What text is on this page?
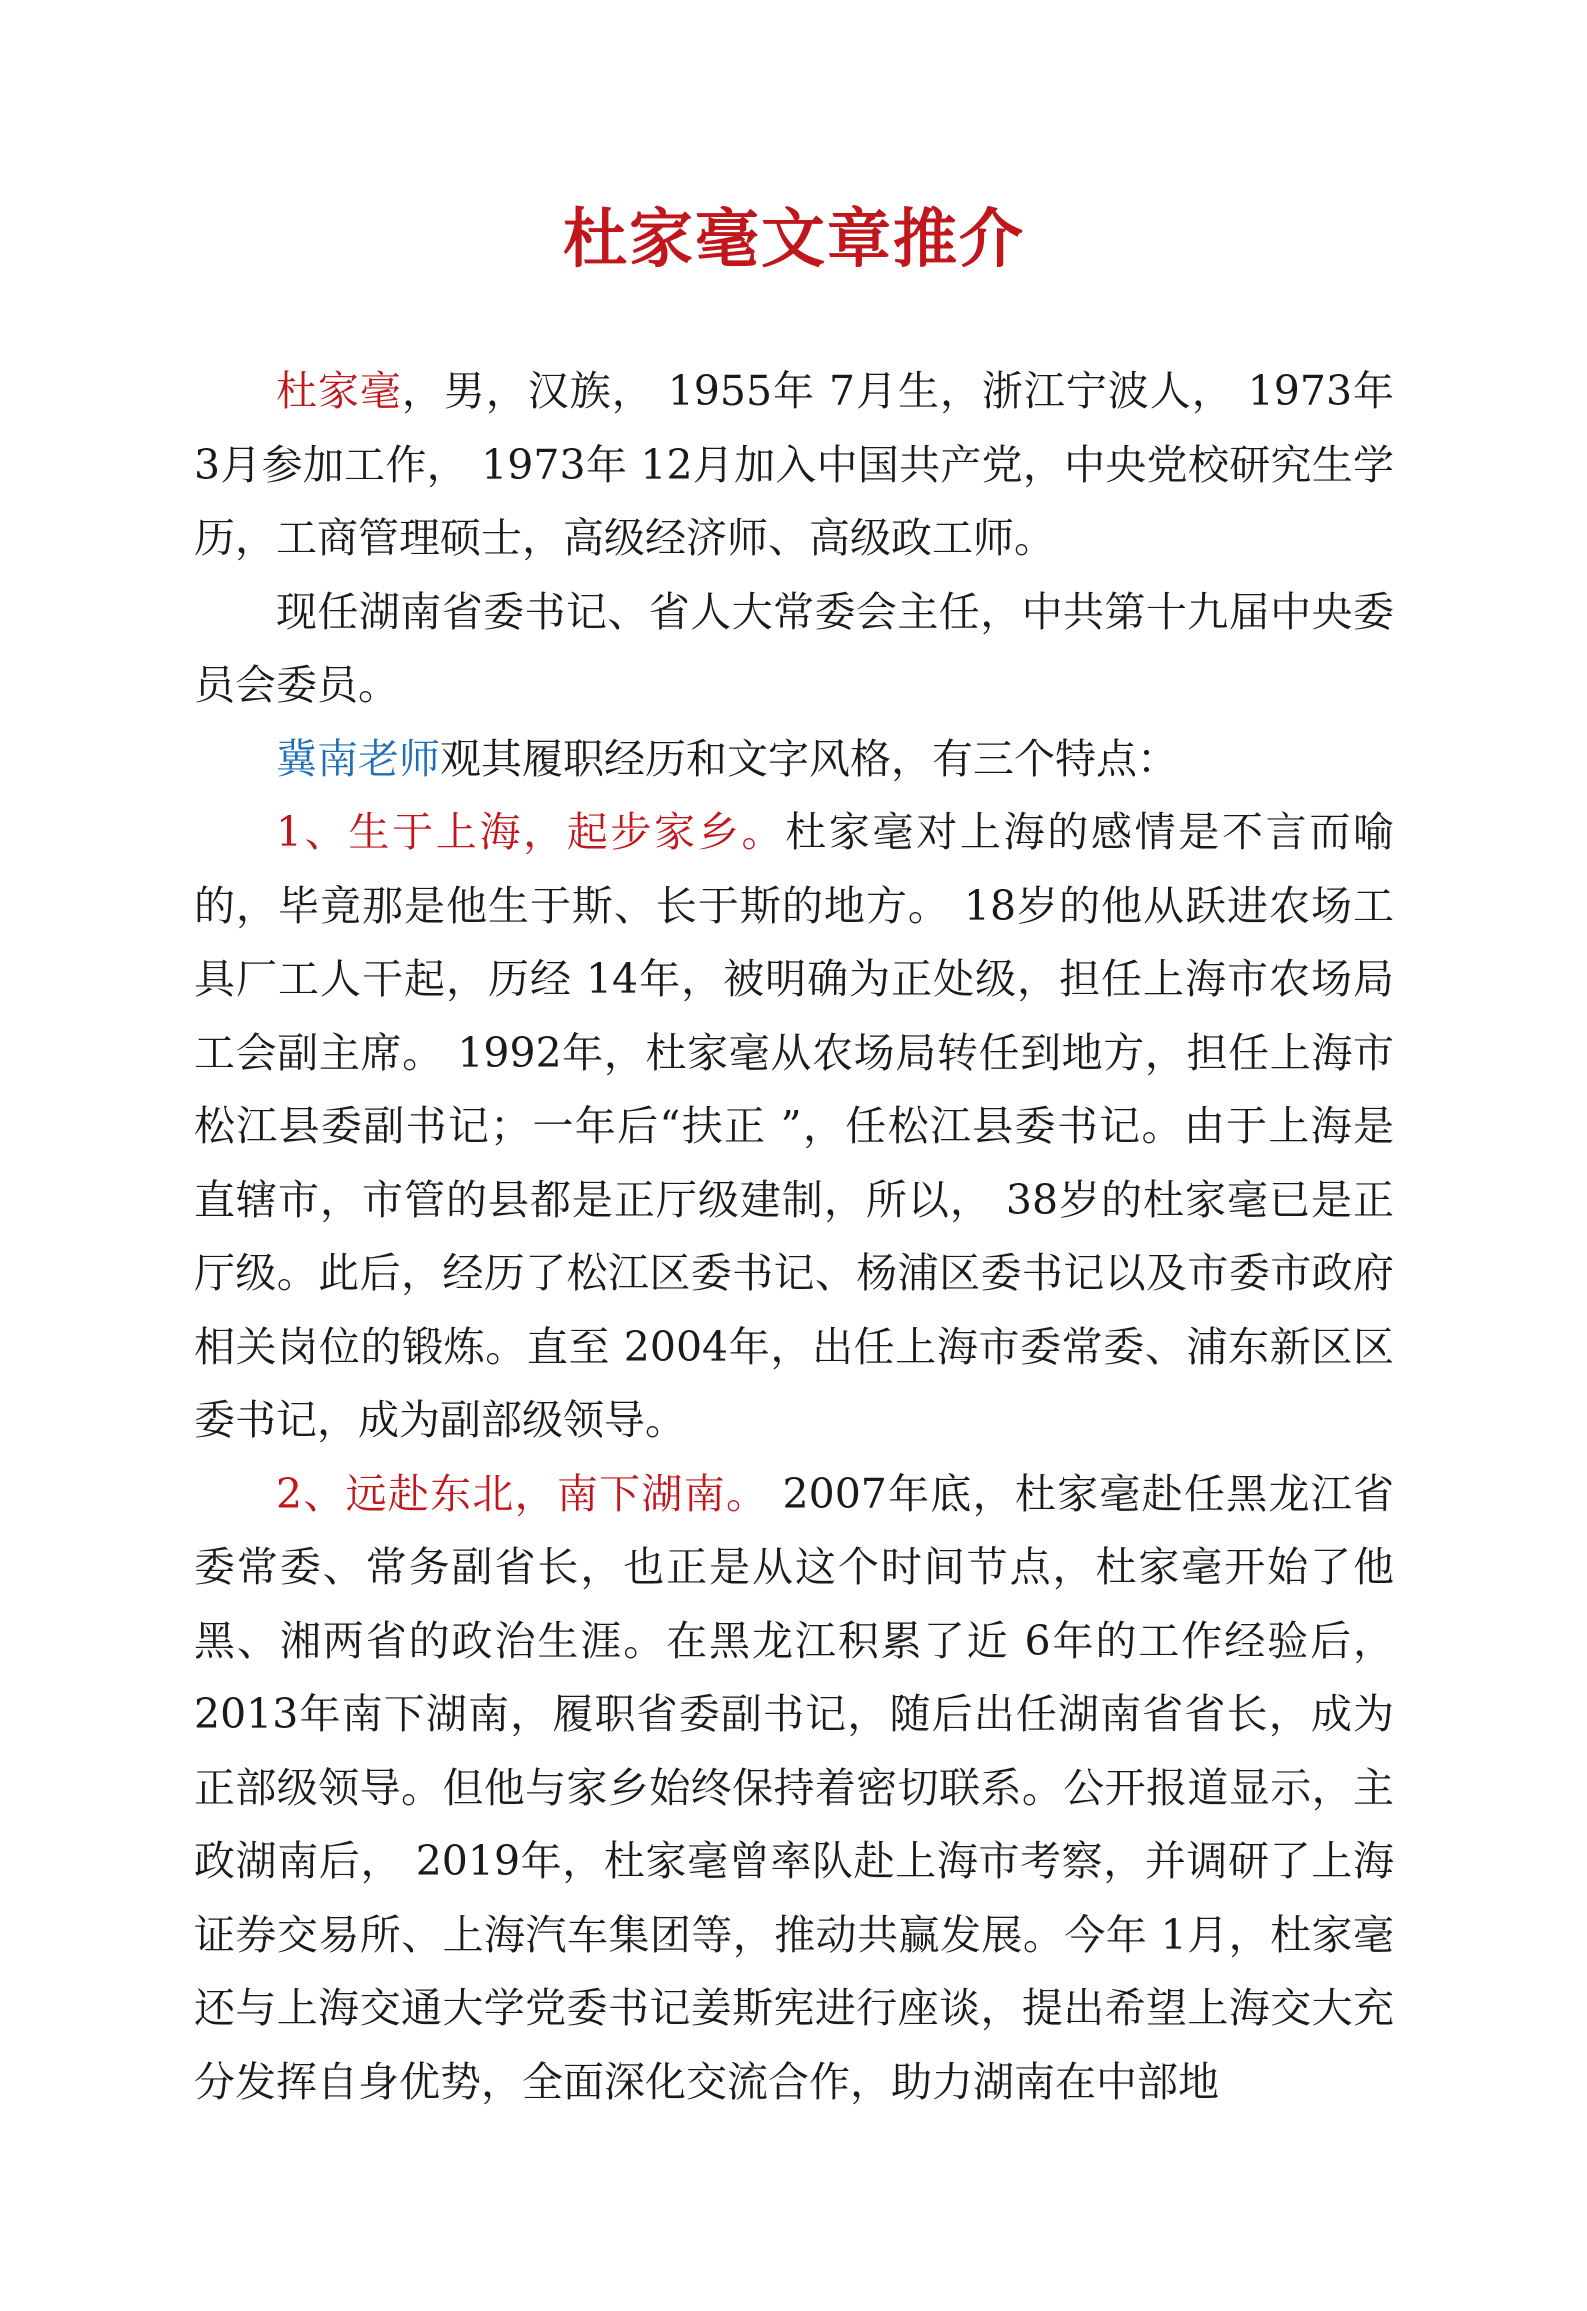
杜家毫文章推介

杜家毫，男，汉族， 1955年 7月生，浙江宁波人， 1973年 3月参加工作， 1973年 12月加入中国共产党，中央党校研究生学历，工商管理硕士，高级经济师、高级政工师。

现任湖南省委书记、省人大常委会主任，中共第十九届中央委员会委员。

冀南老师观其履职经历和文字风格，有三个特点：

1、生于上海，起步家乡。杜家毫对上海的感情是不言而喻的，毕竟那是他生于斯、长于斯的地方。 18岁的他从跃进农场工具厂工人干起，历经 14年，被明确为正处级，担任上海市农场局工会副主席。 1992年，杜家毫从农场局转任到地方，担任上海市松江县委副书记；一年后“扶正 ”，任松江县委书记。由于上海是直辖市，市管的县都是正厅级建制，所以， 38岁的杜家毫已是正厅级。此后，经历了松江区委书记、杨浦区委书记以及市委市政府相关岗位的锻炼。直至 2004年，出任上海市委常委、浦东新区区委书记，成为副部级领导。

2、远赴东北，南下湖南。 2007年底，杜家毫赴任黑龙江省委常委、常务副省长，也正是从这个时间节点，杜家毫开始了他黑、湘两省的政治生涯。在黑龙江积累了近 6年的工作经验后，2013年南下湖南，履职省委副书记，随后出任湖南省省长，成为正部级领导。但他与家乡始终保持着密切联系。公开报道显示，主政湖南后， 2019年，杜家毫曾率队赴上海市考察，并调研了上海证券交易所、上海汽车集团等，推动共赢发展。今年 1月，杜家毫还与上海交通大学党委书记姜斯宪进行座谈，提出希望上海交大充分发挥自身优势，全面深化交流合作，助力湖南在中部地
